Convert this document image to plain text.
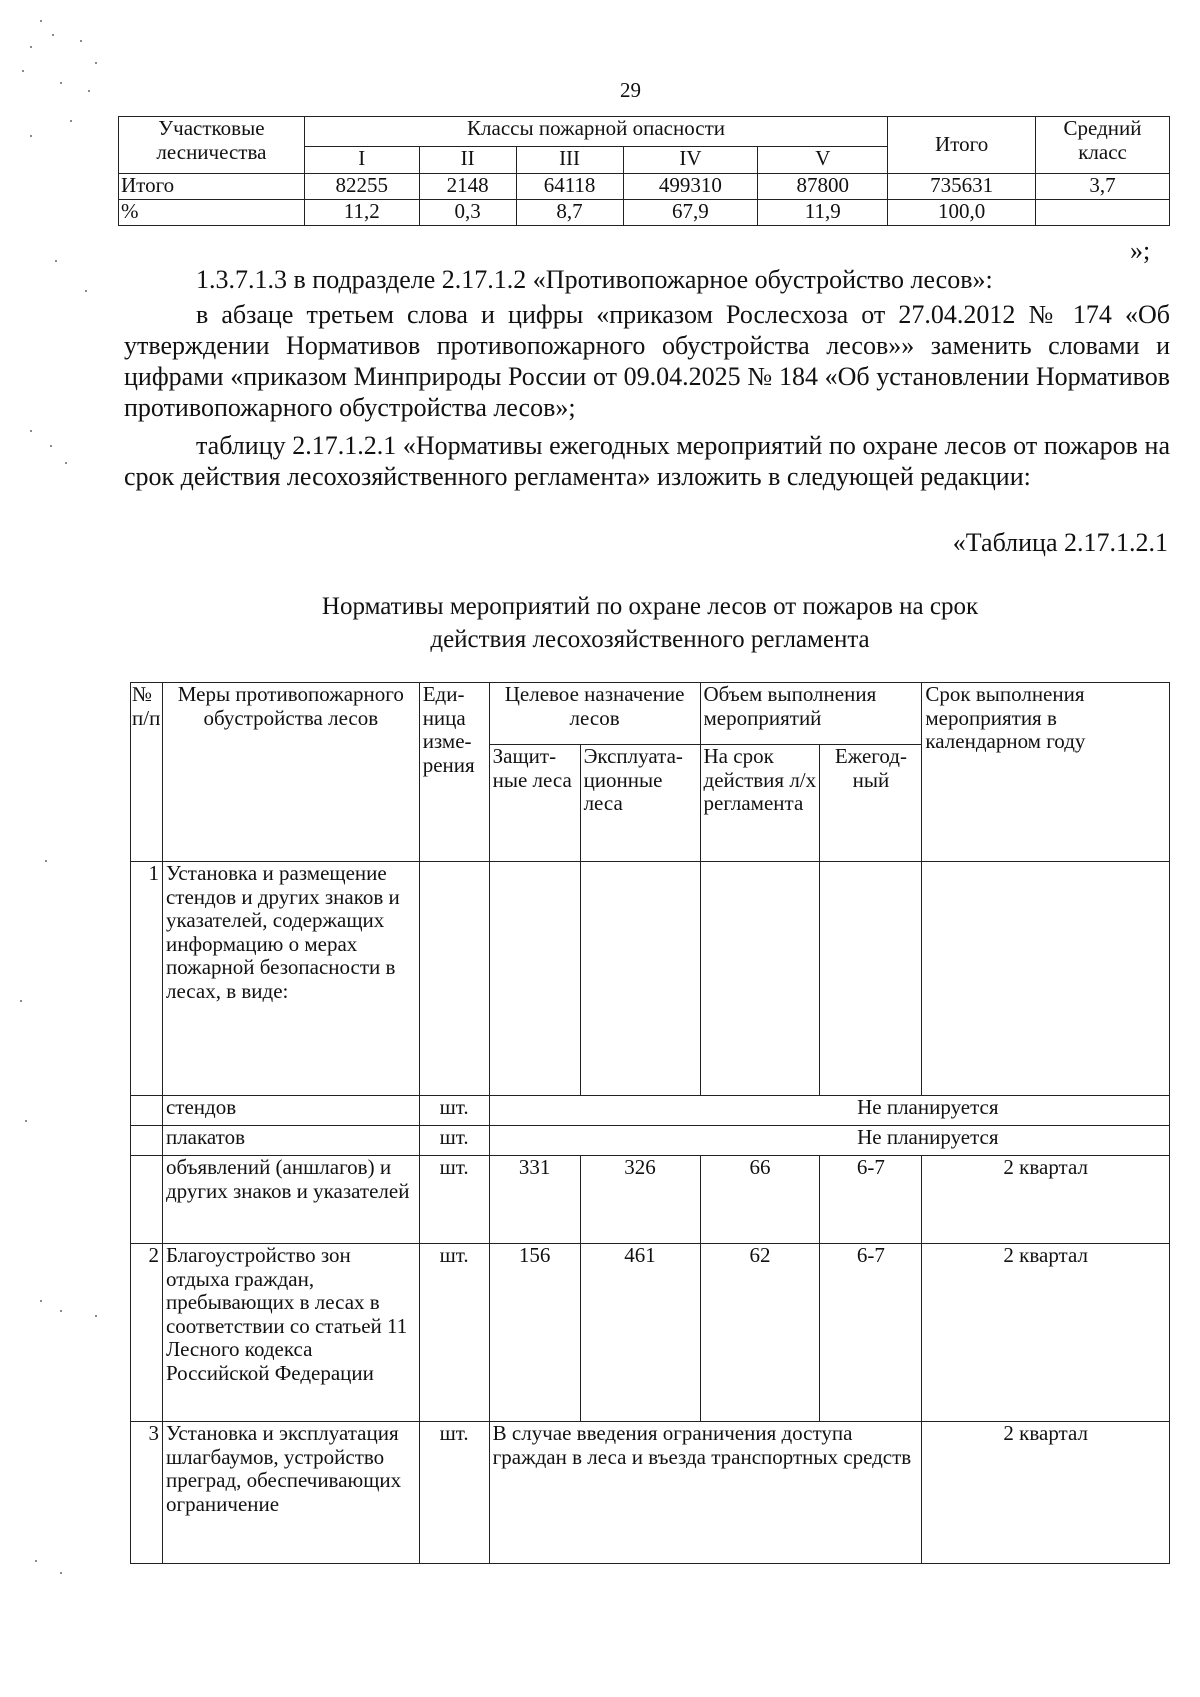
29
Участковые лесничества	Классы пожарной опасности					Итого	Средний класс
	I	II	III	IV	V		
Итого	82255	2148	64118	499310	87800	735631	3,7
%	11,2	0,3	8,7	67,9	11,9	100,0	
»;

1.3.7.1.3 в подразделе 2.17.1.2 «Противопожарное обустройство лесов»:

в абзаце третьем слова и цифры «приказом Рослесхоза от 27.04.2012 № 174 «Об утверждении Нормативов противопожарного обустройства лесов»» заменить словами и цифрами «приказом Минприроды России от 09.04.2025 № 184 «Об установлении Нормативов противопожарного обустройства лесов»;

таблицу 2.17.1.2.1 «Нормативы ежегодных мероприятий по охране лесов от пожаров на срок действия лесохозяйственного регламента» изложить в следующей редакции:

«Таблица 2.17.1.2.1
Нормативы мероприятий по охране лесов от пожаров на срок
действия лесохозяйственного регламента
№ п/п	Меры противопожарного обустройства лесов	Еди-ница изме-рения	Целевое назначение лесов		Объем выполнения мероприятий		Срок выполнения мероприятия в календарном году
			Защит-ные леса	Эксплуата-ционные леса	На срок действия л/х регламента	Ежегод-ный	
1	Установка и размещение стендов и других знаков и указателей, содержащих информацию о мерах пожарной безопасности в лесах, в виде:						
	стендов	шт.	Не планируется				
	плакатов	шт.	Не планируется				
	объявлений (аншлагов) и других знаков и указателей	шт.	331	326	66	6-7	2 квартал
2	Благоустройство зон отдыха граждан, пребывающих в лесах в соответствии со статьей 11 Лесного кодекса Российской Федерации	шт.	156	461	62	6-7	2 квартал
3	Установка и эксплуатация шлагбаумов, устройство преград, обеспечивающих ограничение	шт.	В случае введения ограничения доступа граждан в леса и въезда транспортных средств				2 квартал
